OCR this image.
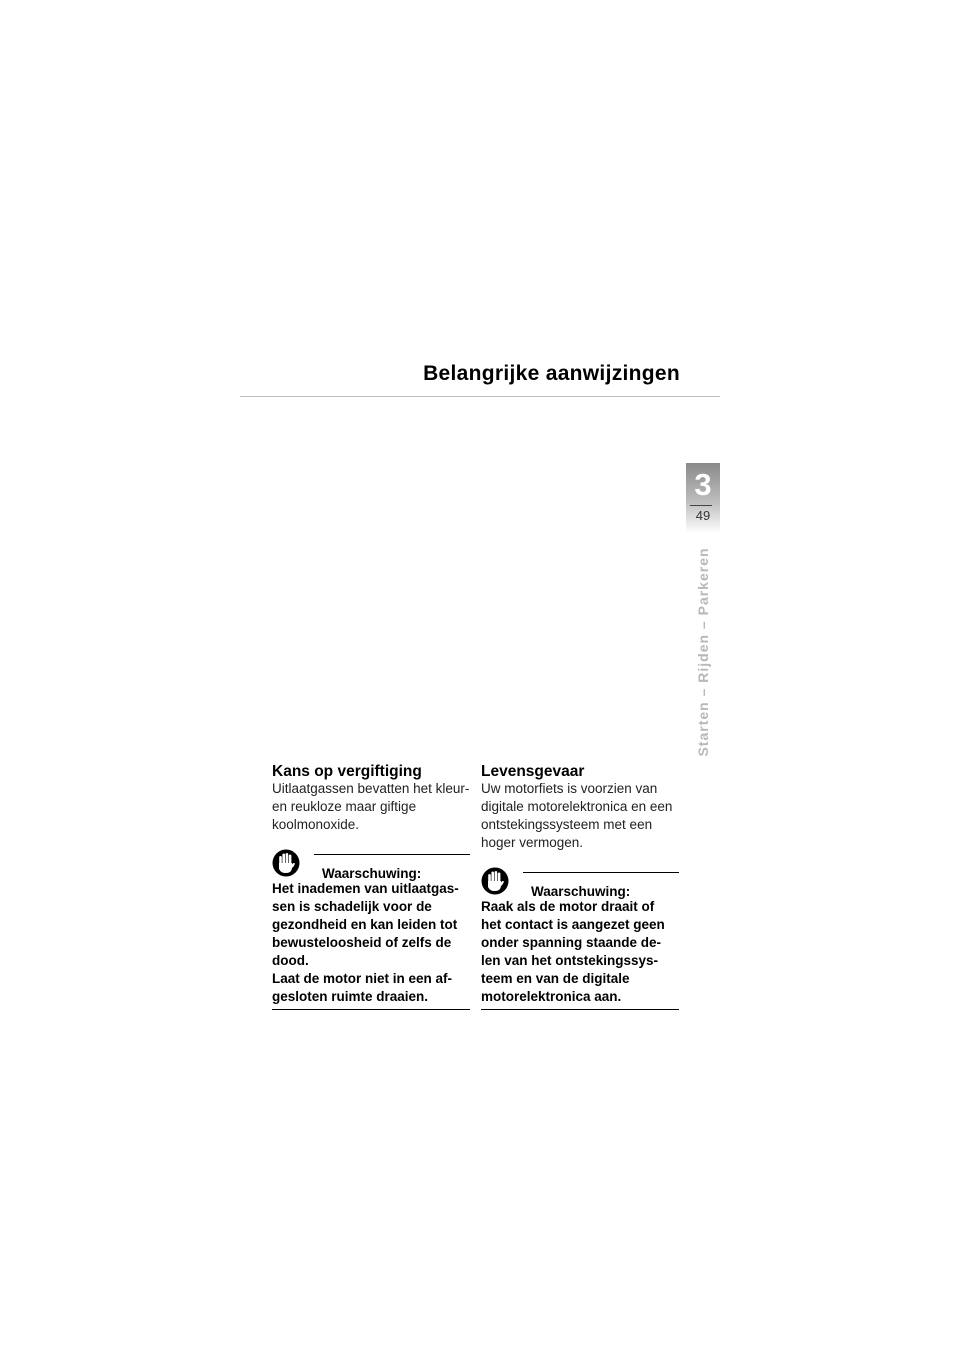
Belangrijke aanwijzingen
3
49
Starten – Rijden – Parkeren
Kans op vergiftiging

Uitlaatgassen bevatten het kleur- en reukloze maar giftige koolmonoxide.

Waarschuwing:

Het inademen van uitlaatgas-
sen is schadelijk voor de
gezondheid en kan leiden tot
bewusteloosheid of zelfs de
dood.
Laat de motor niet in een af-
gesloten ruimte draaien.

Levensgevaar

Uw motorfiets is voorzien van digitale motorelektronica en een ontstekingssysteem met een hoger vermogen.

Waarschuwing:

Raak als de motor draait of
het contact is aangezet geen
onder spanning staande de-
len van het ontstekingssys-
teem en van de digitale
motorelektronica aan.
